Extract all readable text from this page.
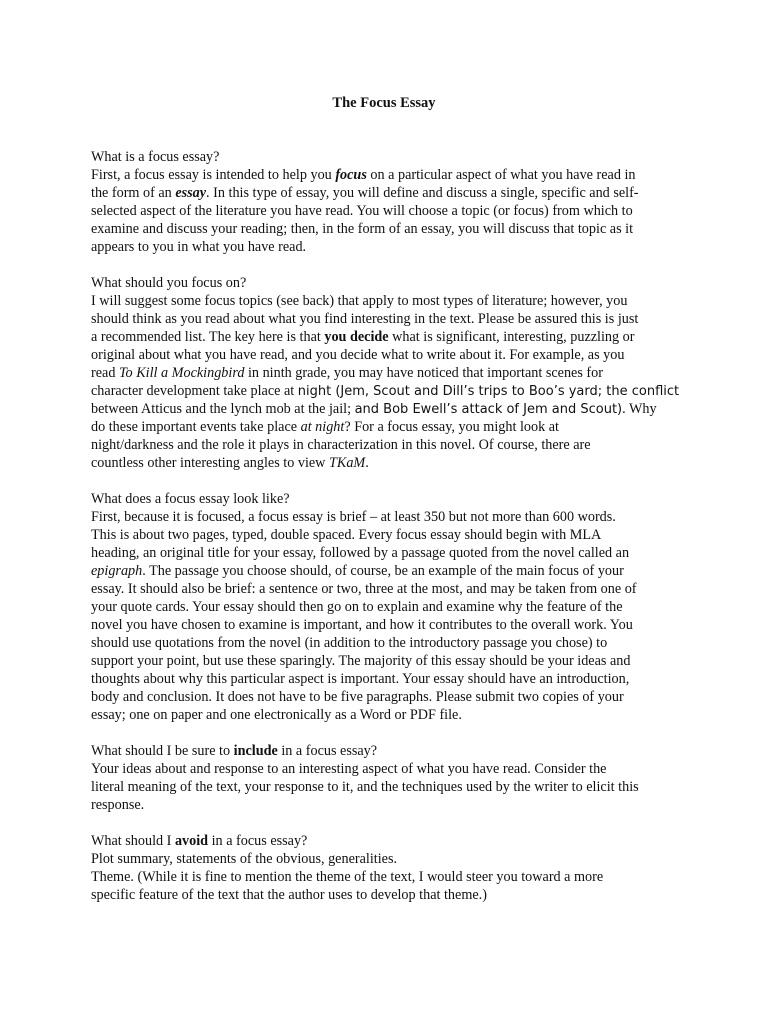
The Focus Essay
What is a focus essay?
First, a focus essay is intended to help you focus on a particular aspect of what you have read in
the form of an essay. In this type of essay, you will define and discuss a single, specific and self-
selected aspect of the literature you have read. You will choose a topic (or focus) from which to
examine and discuss your reading; then, in the form of an essay, you will discuss that topic as it
appears to you in what you have read.
What should you focus on?
I will suggest some focus topics (see back) that apply to most types of literature; however, you
should think as you read about what you find interesting in the text. Please be assured this is just
a recommended list. The key here is that you decide what is significant, interesting, puzzling or
original about what you have read, and you decide what to write about it. For example, as you
read To Kill a Mockingbird in ninth grade, you may have noticed that important scenes for
character development take place at night (Jem, Scout and Dill’s trips to Boo’s yard; the conflict
between Atticus and the lynch mob at the jail; and Bob Ewell’s attack of Jem and Scout). Why
do these important events take place at night? For a focus essay, you might look at
night/darkness and the role it plays in characterization in this novel. Of course, there are
countless other interesting angles to view TKaM.
What does a focus essay look like?
First, because it is focused, a focus essay is brief – at least 350 but not more than 600 words.
This is about two pages, typed, double spaced. Every focus essay should begin with MLA
heading, an original title for your essay, followed by a passage quoted from the novel called an
epigraph. The passage you choose should, of course, be an example of the main focus of your
essay. It should also be brief: a sentence or two, three at the most, and may be taken from one of
your quote cards. Your essay should then go on to explain and examine why the feature of the
novel you have chosen to examine is important, and how it contributes to the overall work. You
should use quotations from the novel (in addition to the introductory passage you chose) to
support your point, but use these sparingly. The majority of this essay should be your ideas and
thoughts about why this particular aspect is important. Your essay should have an introduction,
body and conclusion. It does not have to be five paragraphs. Please submit two copies of your
essay; one on paper and one electronically as a Word or PDF file.
What should I be sure to include in a focus essay?
Your ideas about and response to an interesting aspect of what you have read. Consider the
literal meaning of the text, your response to it, and the techniques used by the writer to elicit this
response.
What should I avoid in a focus essay?
Plot summary, statements of the obvious, generalities.
Theme. (While it is fine to mention the theme of the text, I would steer you toward a more
specific feature of the text that the author uses to develop that theme.)
